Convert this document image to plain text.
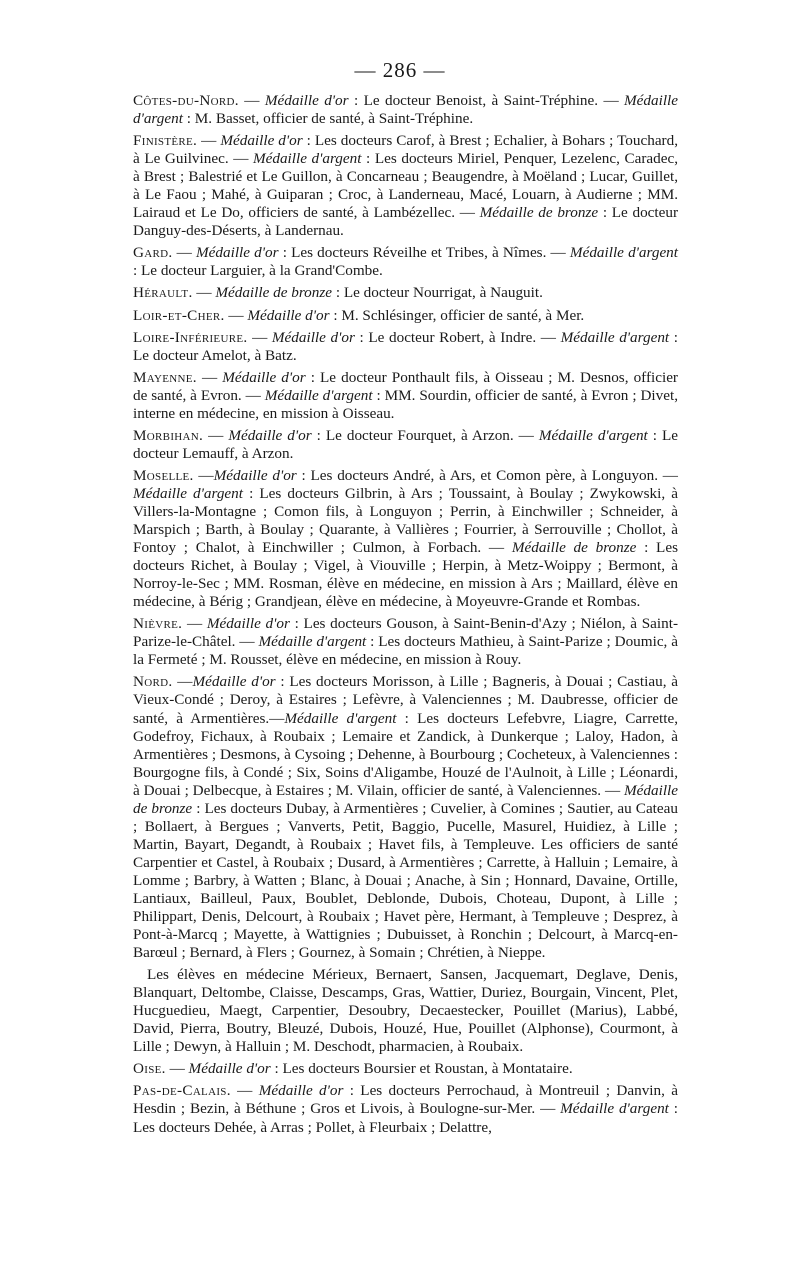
— 286 —

Côtes-du-Nord. — Médaille d'or : Le docteur Benoist, à Saint-Tréphine. — Médaille d'argent : M. Basset, officier de santé, à Saint-Tréphine.

Finistère. — Médaille d'or : Les docteurs Carof, à Brest ; Echalier, à Bohars ; Touchard, à Le Guilvinec. — Médaille d'argent : Les docteurs Miriel, Penquer, Lezelenc, Caradec, à Brest ; Balestrié et Le Guillon, à Concarneau ; Beaugendre, à Moëland ; Lucar, Guillet, à Le Faou ; Mahé, à Guiparan ; Croc, à Landerneau, Macé, Louarn, à Audierne ; MM. Lairaud et Le Do, officiers de santé, à Lambézellec. — Médaille de bronze : Le docteur Danguy-des-Déserts, à Landernau.

Gard. — Médaille d'or : Les docteurs Réveilhe et Tribes, à Nîmes. — Médaille d'argent : Le docteur Larguier, à la Grand'Combe.

Hérault. — Médaille de bronze : Le docteur Nourrigat, à Nauguit.

Loir-et-Cher. — Médaille d'or : M. Schlésinger, officier de santé, à Mer.

Loire-Inférieure. — Médaille d'or : Le docteur Robert, à Indre. — Médaille d'argent : Le docteur Amelot, à Batz.

Mayenne. — Médaille d'or : Le docteur Ponthault fils, à Oisseau ; M. Desnos, officier de santé, à Evron. — Médaille d'argent : MM. Sourdin, officier de santé, à Evron ; Divet, interne en médecine, en mission à Oisseau.

Morbihan. — Médaille d'or : Le docteur Fourquet, à Arzon. — Médaille d'argent : Le docteur Lemauff, à Arzon.

Moselle. —Médaille d'or : Les docteurs André, à Ars, et Comon père, à Longuyon. — Médaille d'argent : Les docteurs Gilbrin, à Ars ; Toussaint, à Boulay ; Zwykowski, à Villers-la-Montagne ; Comon fils, à Longuyon ; Perrin, à Einchwiller ; Schneider, à Marspich ; Barth, à Boulay ; Quarante, à Vallières ; Fourrier, à Serrouville ; Chollot, à Fontoy ; Chalot, à Einchwiller ; Culmon, à Forbach. — Médaille de bronze : Les docteurs Richet, à Boulay ; Vigel, à Viouville ; Herpin, à Metz-Woippy ; Bermont, à Norroy-le-Sec ; MM. Rosman, élève en médecine, en mission à Ars ; Maillard, élève en médecine, à Bérig ; Grandjean, élève en médecine, à Moyeuvre-Grande et Rombas.

Nièvre. — Médaille d'or : Les docteurs Gouson, à Saint-Benin-d'Azy ; Niélon, à Saint-Parize-le-Châtel. — Médaille d'argent : Les docteurs Mathieu, à Saint-Parize ; Doumic, à la Fermeté ; M. Rousset, élève en médecine, en mission à Rouy.

Nord. —Médaille d'or : Les docteurs Morisson, à Lille ; Bagneris, à Douai ; Castiau, à Vieux-Condé ; Deroy, à Estaires ; Lefèvre, à Valenciennes ; M. Daubresse, officier de santé, à Armentières.—Médaille d'argent : Les docteurs Lefebvre, Liagre, Carrette, Godefroy, Fichaux, à Roubaix ; Lemaire et Zandick, à Dunkerque ; Laloy, Hadon, à Armentières ; Desmons, à Cysoing ; Dehenne, à Bourbourg ; Cocheteux, à Valenciennes : Bourgogne fils, à Condé ; Six, Soins d'Aligambe, Houzé de l'Aulnoit, à Lille ; Léonardi, à Douai ; Delbecque, à Estaires ; M. Vilain, officier de santé, à Valenciennes. — Médaille de bronze : Les docteurs Dubay, à Armentières ; Cuvelier, à Comines ; Sautier, au Cateau ; Bollaert, à Bergues ; Vanverts, Petit, Baggio, Pucelle, Masurel, Huidiez, à Lille ; Martin, Bayart, Degandt, à Roubaix ; Havet fils, à Templeuve. Les officiers de santé Carpentier et Castel, à Roubaix ; Dusard, à Armentières ; Carrette, à Halluin ; Lemaire, à Lomme ; Barbry, à Watten ; Blanc, à Douai ; Anache, à Sin ; Honnard, Davaine, Ortille, Lantiaux, Bailleul, Paux, Boublet, Deblonde, Dubois, Choteau, Dupont, à Lille ; Philippart, Denis, Delcourt, à Roubaix ; Havet père, Hermant, à Templeuve ; Desprez, à Pont-à-Marcq ; Mayette, à Wattignies ; Dubuisset, à Ronchin ; Delcourt, à Marcq-en-Barœul ; Bernard, à Flers ; Gournez, à Somain ; Chrétien, à Nieppe.

Les élèves en médecine Mérieux, Bernaert, Sansen, Jacquemart, Deglave, Denis, Blanquart, Deltombe, Claisse, Descamps, Gras, Wattier, Duriez, Bourgain, Vincent, Plet, Hucguedieu, Maegt, Carpentier, Desoubry, Decaestecker, Pouillet (Marius), Labbé, David, Pierra, Boutry, Bleuzé, Dubois, Houzé, Hue, Pouillet (Alphonse), Courmont, à Lille ; Dewyn, à Halluin ; M. Deschodt, pharmacien, à Roubaix.

Oise. — Médaille d'or : Les docteurs Boursier et Roustan, à Montataire.

Pas-de-Calais. — Médaille d'or : Les docteurs Perrochaud, à Montreuil ; Danvin, à Hesdin ; Bezin, à Béthune ; Gros et Livois, à Boulogne-sur-Mer. — Médaille d'argent : Les docteurs Dehée, à Arras ; Pollet, à Fleurbaix ; Delattre,
